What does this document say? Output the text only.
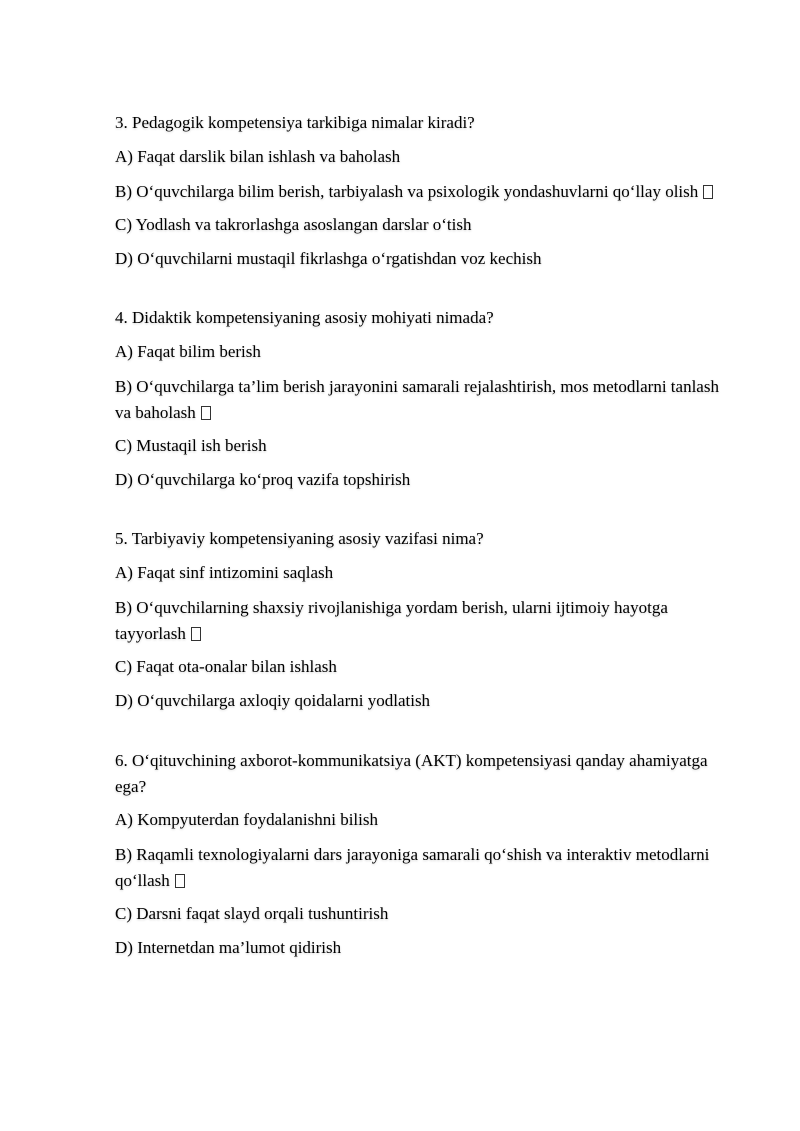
3. Pedagogik kompetensiya tarkibiga nimalar kiradi?
A) Faqat darslik bilan ishlash va baholash
B) O‘quvchilarga bilim berish, tarbiyalash va psixologik yondashuvlarni qo‘llay olish
C) Yodlash va takrorlashga asoslangan darslar o‘tish
D) O‘quvchilarni mustaqil fikrlashga o‘rgatishdan voz kechish
4. Didaktik kompetensiyaning asosiy mohiyati nimada?
A) Faqat bilim berish
B) O‘quvchilarga ta’lim berish jarayonini samarali rejalashtirish, mos metodlarni tanlash va baholash
C) Mustaqil ish berish
D) O‘quvchilarga ko‘proq vazifa topshirish
5. Tarbiyaviy kompetensiyaning asosiy vazifasi nima?
A) Faqat sinf intizomini saqlash
B) O‘quvchilarning shaxsiy rivojlanishiga yordam berish, ularni ijtimoiy hayotga tayyorlash
C) Faqat ota-onalar bilan ishlash
D) O‘quvchilarga axloqiy qoidalarni yodlatish
6. O‘qituvchining axborot-kommunikatsiya (AKT) kompetensiyasi qanday ahamiyatga ega?
A) Kompyuterdan foydalanishni bilish
B) Raqamli texnologiyalarni dars jarayoniga samarali qo‘shish va interaktiv metodlarni qo‘llash
C) Darsni faqat slayd orqali tushuntirish
D) Internetdan ma’lumot qidirish
